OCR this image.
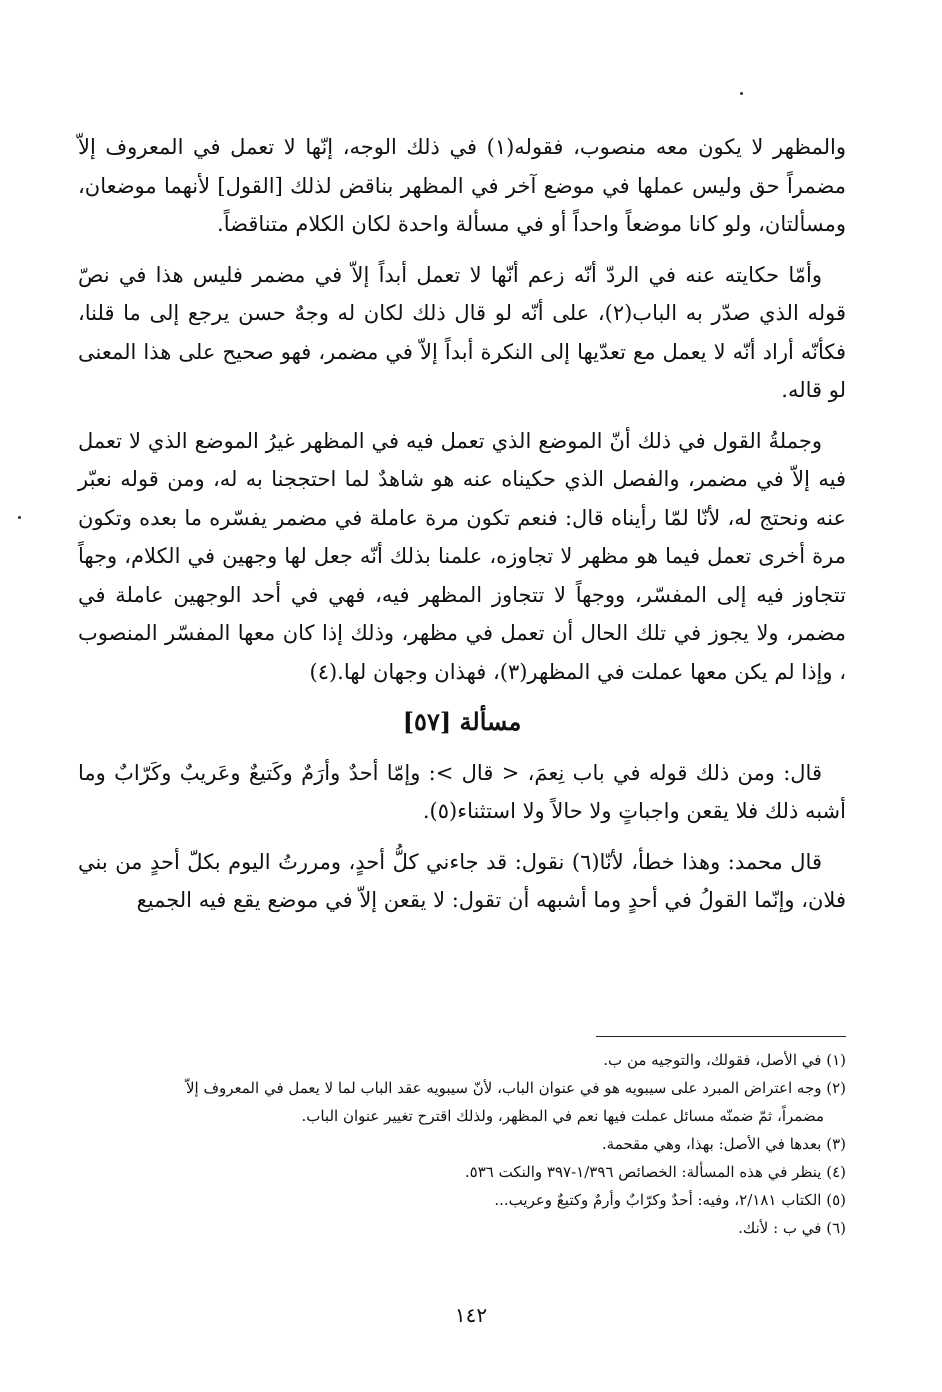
والمظهر لا يكون معه منصوب، فقوله(١) في ذلك الوجه، إنّها لا تعمل في المعروف إلاّ مضمراً حق وليس عملها في موضع آخر في المظهر بناقض لذلك [القول] لأنهما موضعان، ومسألتان، ولو كانا موضعاً واحداً أو في مسألة واحدة لكان الكلام متناقضاً.

وأمّا حكايته عنه في الردّ أنّه زعم أنّها لا تعمل أبداً إلاّ في مضمر فليس هذا في نصّ قوله الذي صدّر به الباب(٢)، على أنّه لو قال ذلك لكان له وجهٌ حسن يرجع إلى ما قلنا، فكأنّه أراد أنّه لا يعمل مع تعدّيها إلى النكرة أبداً إلاّ في مضمر، فهو صحيح على هذا المعنى لو قاله.

وجملةُ القول في ذلك أنّ الموضع الذي تعمل فيه في المظهر غيرُ الموضع الذي لا تعمل فيه إلاّ في مضمر، والفصل الذي حكيناه عنه هو شاهدٌ لما احتججنا به له، ومن قوله نعبّر عنه ونحتج له، لأنّا لمّا رأيناه قال: فنعم تكون مرة عاملة في مضمر يفسّره ما بعده وتكون مرة أخرى تعمل فيما هو مظهر لا تجاوزه، علمنا بذلك أنّه جعل لها وجهين في الكلام، وجهاً تتجاوز فيه إلى المفسّر، ووجهاً لا تتجاوز المظهر فيه، فهي في أحد الوجهين عاملة في مضمر، ولا يجوز في تلك الحال أن تعمل في مظهر، وذلك إذا كان معها المفسّر المنصوب ، وإذا لم يكن معها عملت في المظهر(٣)، فهذان وجهان لها.(٤)

مسألة [٥٧]

قال: ومن ذلك قوله في باب نِعمَ، < قال >: وإمّا أحدٌ وأرَمٌ وكَتيعٌ وعَريبٌ وكَرّابٌ وما أشبه ذلك فلا يقعن واجباتٍ ولا حالاً ولا استثناء(٥).

قال محمد: وهذا خطأ، لأنّا(٦) نقول: قد جاءني كلُّ أحدٍ، ومررتُ اليوم بكلّ أحدٍ من بني فلان، وإنّما القولُ في أحدٍ وما أشبهه أن تقول: لا يقعن إلاّ في موضع يقع فيه الجميع

(١) في الأصل، فقولك، والتوجيه من ب.
(٢) وجه اعتراض المبرد على سيبويه هو في عنوان الباب، لأنّ سيبويه عقد الباب لما لا يعمل في المعروف إلاّ
مضمراً، ثمّ ضمنّه مسائل عملت فيها نعم في المظهر، ولذلك اقترح تغيير عنوان الباب.
(٣) بعدها في الأصل: بهذا، وهي مقحمة.
(٤) ينظر في هذه المسألة: الخصائص ١/٣٩٦-٣٩٧ والنكت ٥٣٦.
(٥) الكتاب ٢/١٨١، وفيه: أحدٌ وكرّابٌ وأرمٌ وكتيعٌ وعريب...
(٦) في ب : لأنك.
١٤٢
